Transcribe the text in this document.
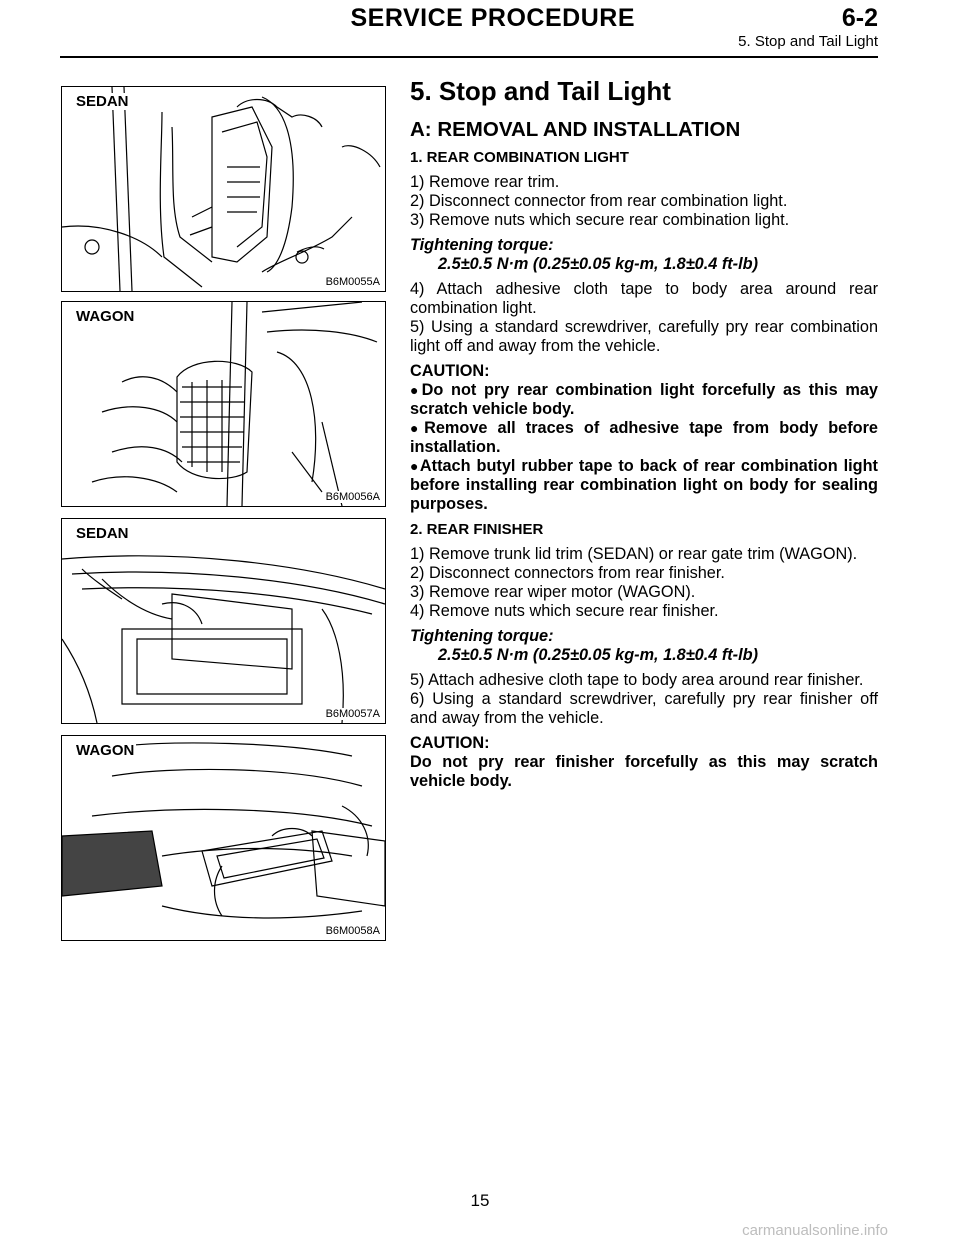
SERVICE PROCEDURE	6-2
5. Stop and Tail Light
SEDAN
B6M0055A
WAGON
B6M0056A
SEDAN
B6M0057A
WAGON
B6M0058A

5. Stop and Tail Light

A: REMOVAL AND INSTALLATION

1. REAR COMBINATION LIGHT

1) Remove rear trim.
2) Disconnect connector from rear combination light.
3) Remove nuts which secure rear combination light.

Tightening torque:

2.5±0.5 N·m (0.25±0.05 kg-m, 1.8±0.4 ft-lb)

4) Attach adhesive cloth tape to body area around rear combination light.
5) Using a standard screwdriver, carefully pry rear combination light off and away from the vehicle.

CAUTION:

●Do not pry rear combination light forcefully as this may scratch vehicle body.

●Remove all traces of adhesive tape from body before installation.

●Attach butyl rubber tape to back of rear combination light before installing rear combination light on body for sealing purposes.

2. REAR FINISHER

1) Remove trunk lid trim (SEDAN) or rear gate trim (WAGON).
2) Disconnect connectors from rear finisher.
3) Remove rear wiper motor (WAGON).
4) Remove nuts which secure rear finisher.

Tightening torque:

2.5±0.5 N·m (0.25±0.05 kg-m, 1.8±0.4 ft-lb)

5) Attach adhesive cloth tape to body area around rear finisher.
6) Using a standard screwdriver, carefully pry rear finisher off and away from the vehicle.

CAUTION:

Do not pry rear finisher forcefully as this may scratch vehicle body.

15
carmanualsonline.info
